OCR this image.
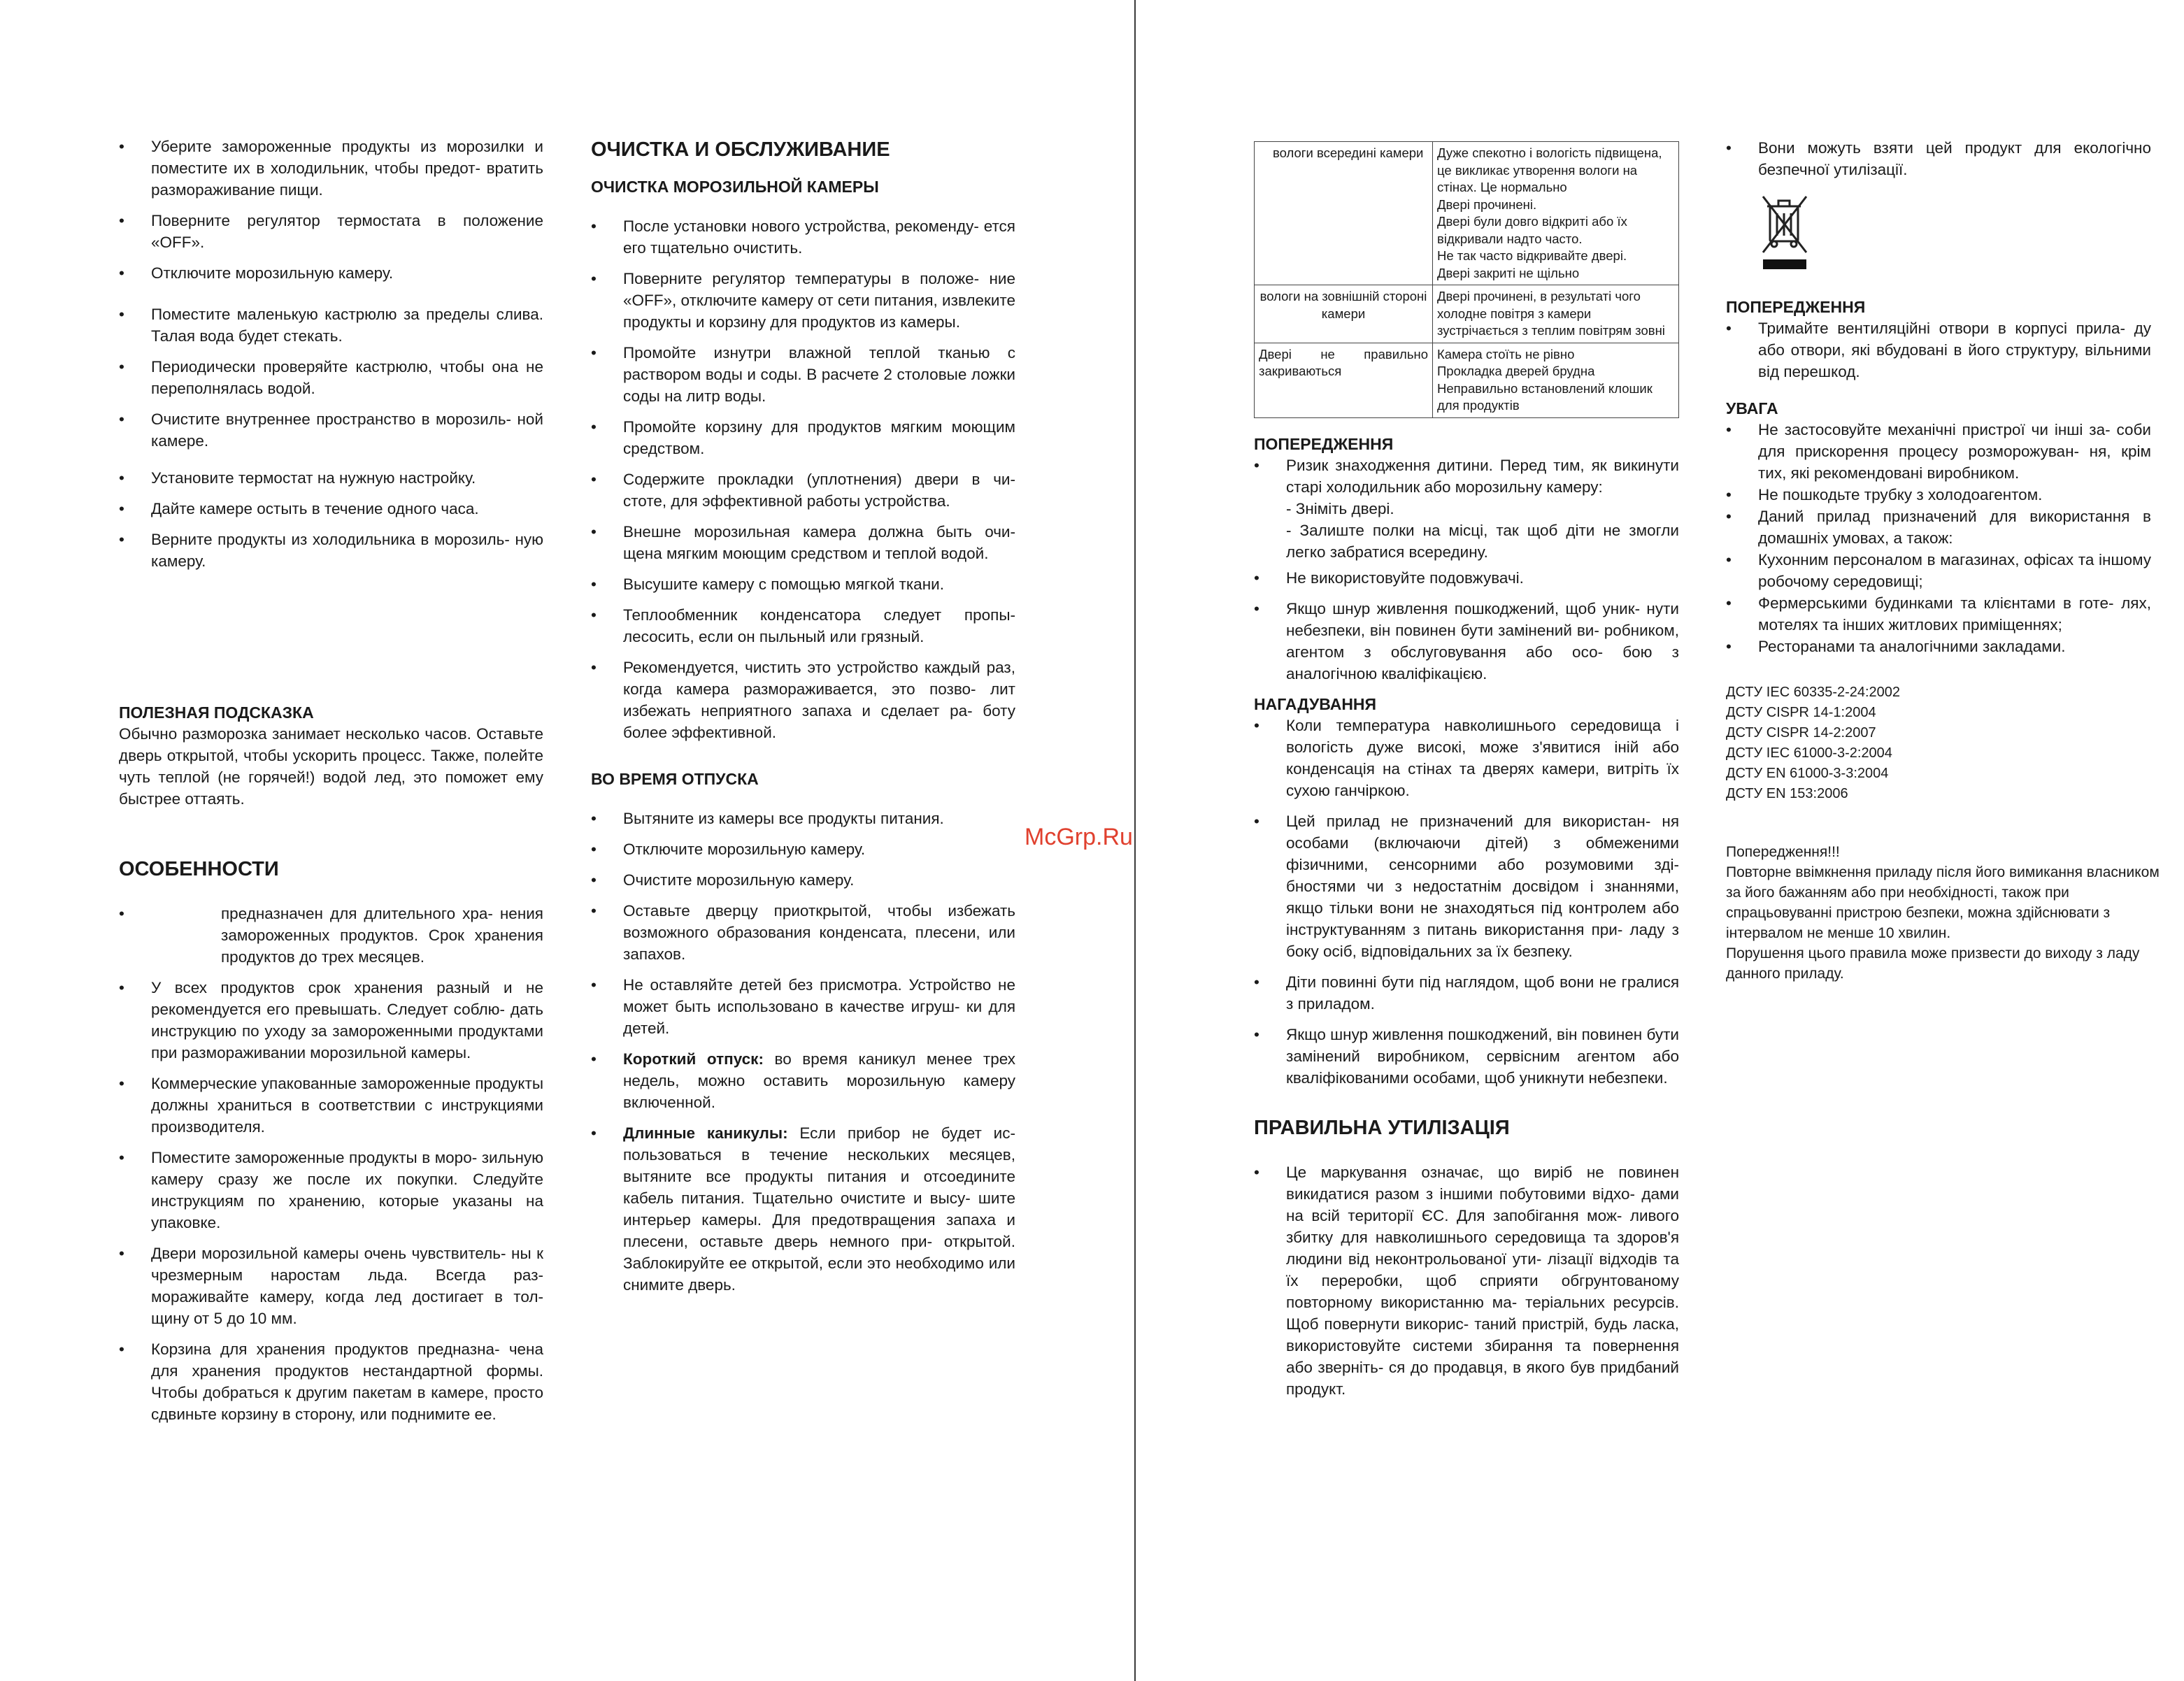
• Уберите замороженные продукты из морозилки и поместите их в холодильник, чтобы предот- вратить размораживание пищи.
• Поверните регулятор термостата в положение «OFF».
• Отключите морозильную камеру.
• Поместите маленькую кастрюлю за пределы слива. Талая вода будет стекать.
• Периодически проверяйте кастрюлю, чтобы она не переполнялась водой.
• Очистите внутреннее пространство в морозиль- ной камере.
• Установите термостат на нужную настройку.
• Дайте камере остыть в течение одного часа.
• Верните продукты из холодильника в морозиль- ную камеру.

ПОЛЕЗНАЯ ПОДСКАЗКА

Обычно разморозка занимает несколько часов. Оставьте дверь открытой, чтобы ускорить процесс. Также, полейте чуть теплой (не горячей!) водой лед, это поможет ему быстрее оттаять.

ОСОБЕННОСТИ
• предназначен для длительного хра- нения замороженных продуктов. Срок хранения продуктов до трех месяцев.
• У всех продуктов срок хранения разный и не рекомендуется его превышать. Следует соблю- дать инструкцию по уходу за замороженными продуктами при размораживании морозильной камеры.
• Коммерческие упакованные замороженные продукты должны храниться в соответствии с инструкциями производителя.
• Поместите замороженные продукты в моро- зильную камеру сразу же после их покупки. Следуйте инструкциям по хранению, которые указаны на упаковке.
• Двери морозильной камеры очень чувствитель- ны к чрезмерным наростам льда. Всегда раз- мораживайте камеру, когда лед достигает в тол- щину от 5 до 10 мм.
• Корзина для хранения продуктов предназна- чена для хранения продуктов нестандартной формы. Чтобы добраться к другим пакетам в камере, просто сдвиньте корзину в сторону, или поднимите ее.
ОЧИСТКА И ОБСЛУЖИВАНИЕ

ОЧИСТКА МОРОЗИЛЬНОЙ КАМЕРЫ

• После установки нового устройства, рекоменду- ется его тщательно очистить.
• Поверните регулятор температуры в положе- ние «OFF», отключите камеру от сети питания, извлеките продукты и корзину для продуктов из камеры.
• Промойте изнутри влажной теплой тканью с раствором воды и соды. В расчете 2 столовые ложки соды на литр воды.
• Промойте корзину для продуктов мягким моющим средством.
• Содержите прокладки (уплотнения) двери в чи- стоте, для эффективной работы устройства.
• Внешне морозильная камера должна быть очи- щена мягким моющим средством и теплой водой.
• Высушите камеру с помощью мягкой ткани.
• Теплообменник конденсатора следует пропы- лесосить, если он пыльный или грязный.
• Рекомендуется, чистить это устройство каждый раз, когда камера размораживается, это позво- лит избежать неприятного запаха и сделает ра- боту более эффективной.

ВО ВРЕМЯ ОТПУСКА

• Вытяните из камеры все продукты питания.
• Отключите морозильную камеру.
• Очистите морозильную камеру.
• Оставьте дверцу приоткрытой, чтобы избежать возможного образования конденсата, плесени, или запахов.
• Не оставляйте детей без присмотра. Устройство не может быть использовано в качестве игруш- ки для детей.
• Короткий отпуск: во время каникул менее трех недель, можно оставить морозильную камеру включенной.
• Длинные каникулы: Если прибор не будет ис- пользоваться в течение нескольких месяцев, вытяните все продукты питания и отсоедините кабель питания. Тщательно очистите и высу- шите интерьер камеры. Для предотвращения запаха и плесени, оставьте дверь немного при- открытой. Заблокируйте ее открытой, если это необходимо или снимите дверь.
McGrp.Ru
вологи всередині камери	Дуже спекотно і вологість підвищена, це викликає утворення вологи на стінах. Це нормально
Двері прочинені.
Двері були довго відкриті або їх відкривали надто часто.
Не так часто відкривайте двері.
Двері закриті не щільно

вологи на зовнішній стороні камери	Двері прочинені, в результаті чого холодне повітря з камери зустрічається з теплим повітрям зовні

Двері не правильно закриваються	Камера стоїть не рівно
Прокладка дверей брудна
Неправильно встановлений клошик для продуктів

ПОПЕРЕДЖЕННЯ

• Ризик знаходження дитини. Перед тим, як викинути старі холодильник або морозильну камеру:
- Зніміть двері.
- Залиште полки на місці, так щоб діти не змогли легко забратися всередину.
• Не використовуйте подовжувачі.
• Якщо шнур живлення пошкоджений, щоб уник- нути небезпеки, він повинен бути замінений ви- робником, агентом з обслуговування або осо- бою з аналогічною кваліфікацією.

НАГАДУВАННЯ

• Коли температура навколишнього середовища і вологість дуже високі, може з'явитися іній або конденсація на стінах та дверях камери, витріть їх сухою ганчіркою.
• Цей прилад не призначений для використан- ня особами (включаючи дітей) з обмеженими фізичними, сенсорними або розумовими зді- бностями чи з недостатнім досвідом і знаннями, якщо тільки вони не знаходяться під контролем або інструктуванням з питань використання при- ладу з боку осіб, відповідальних за їх безпеку.
• Діти повинні бути під наглядом, щоб вони не гралися з приладом.
• Якщо шнур живлення пошкоджений, він повинен бути замінений виробником, сервісним агентом або кваліфікованими особами, щоб уникнути небезпеки.
ПРАВИЛЬНА УТИЛІЗАЦІЯ
• Це маркування означає, що виріб не повинен викидатися разом з іншими побутовими відхо- дами на всій території ЄС. Для запобігання мож- ливого збитку для навколишнього середовища та здоров'я людини від неконтрольованої ути- лізації відходів та їх переробки, щоб сприяти обгрунтованому повторному використанню ма- теріальних ресурсів. Щоб повернути викорис- таний пристрій, будь ласка, використовуйте системи збирання та повернення або зверніть- ся до продавця, в якого був придбаний продукт.
• Вони можуть взяти цей продукт для екологічно безпечної утилізації.

ПОПЕРЕДЖЕННЯ

• Тримайте вентиляційні отвори в корпусі прила- ду або отвори, які вбудовані в його структуру, вільними від перешкод.

УВАГА

• Не застосовуйте механічні пристрої чи інші за- соби для прискорення процесу розморожуван- ня, крім тих, які рекомендовані виробником.
• Не пошкодьте трубку з холодоагентом.
• Даний прилад призначений для використання в домашніх умовах, а також:
• Кухонним персоналом в магазинах, офісах та іншому робочому середовищі;
• Фермерськими будинками та клієнтами в готе- лях, мотелях та інших житлових приміщеннях;
• Ресторанами та аналогічними закладами.

ДСТУ IEC 60335-2-24:2002

ДСТУ CISPR 14-1:2004

ДСТУ CISPR 14-2:2007

ДСТУ IEC 61000-3-2:2004

ДСТУ EN 61000-3-3:2004

ДСТУ EN 153:2006

Попередження!!!

Повторне ввімкнення приладу після його вимикання власником за його бажанням або при необхідності, також при спрацьовуванні пристрою безпеки, можна здійснювати з інтервалом не менше 10 хвилин.

Порушення цього правила може призвести до виходу з ладу данного приладу.
